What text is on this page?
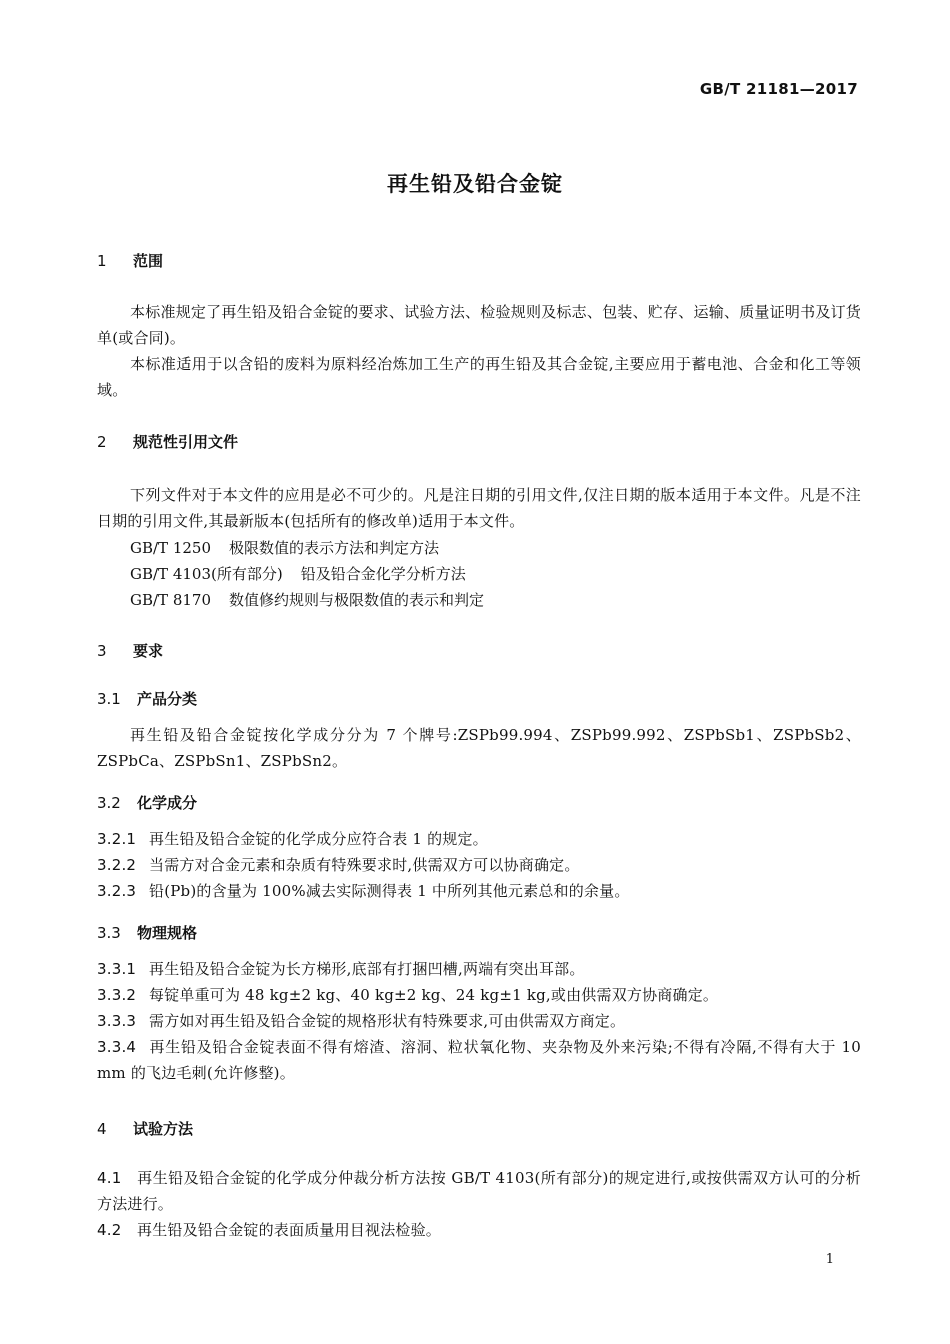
GB/T 21181—2017
再生铅及铅合金锭
1 范围
本标准规定了再生铅及铅合金锭的要求、试验方法、检验规则及标志、包装、贮存、运输、质量证明书及订货单(或合同)。
本标准适用于以含铅的废料为原料经冶炼加工生产的再生铅及其合金锭,主要应用于蓄电池、合金和化工等领域。
2 规范性引用文件
下列文件对于本文件的应用是必不可少的。凡是注日期的引用文件,仅注日期的版本适用于本文件。凡是不注日期的引用文件,其最新版本(包括所有的修改单)适用于本文件。
GB/T 1250 极限数值的表示方法和判定方法
GB/T 4103(所有部分) 铅及铅合金化学分析方法
GB/T 8170 数值修约规则与极限数值的表示和判定
3 要求
3.1 产品分类
再生铅及铅合金锭按化学成分分为 7 个牌号:ZSPb99.994、ZSPb99.992、ZSPbSb1、ZSPbSb2、ZSPbCa、ZSPbSn1、ZSPbSn2。
3.2 化学成分
3.2.1 再生铅及铅合金锭的化学成分应符合表 1 的规定。
3.2.2 当需方对合金元素和杂质有特殊要求时,供需双方可以协商确定。
3.2.3 铅(Pb)的含量为 100%减去实际测得表 1 中所列其他元素总和的余量。
3.3 物理规格
3.3.1 再生铅及铅合金锭为长方梯形,底部有打捆凹槽,两端有突出耳部。
3.3.2 每锭单重可为 48 kg±2 kg、40 kg±2 kg、24 kg±1 kg,或由供需双方协商确定。
3.3.3 需方如对再生铅及铅合金锭的规格形状有特殊要求,可由供需双方商定。
3.3.4 再生铅及铅合金锭表面不得有熔渣、溶洞、粒状氧化物、夹杂物及外来污染;不得有冷隔,不得有大于 10 mm 的飞边毛刺(允许修整)。
4 试验方法
4.1 再生铅及铅合金锭的化学成分仲裁分析方法按 GB/T 4103(所有部分)的规定进行,或按供需双方认可的分析方法进行。
4.2 再生铅及铅合金锭的表面质量用目视法检验。
1
